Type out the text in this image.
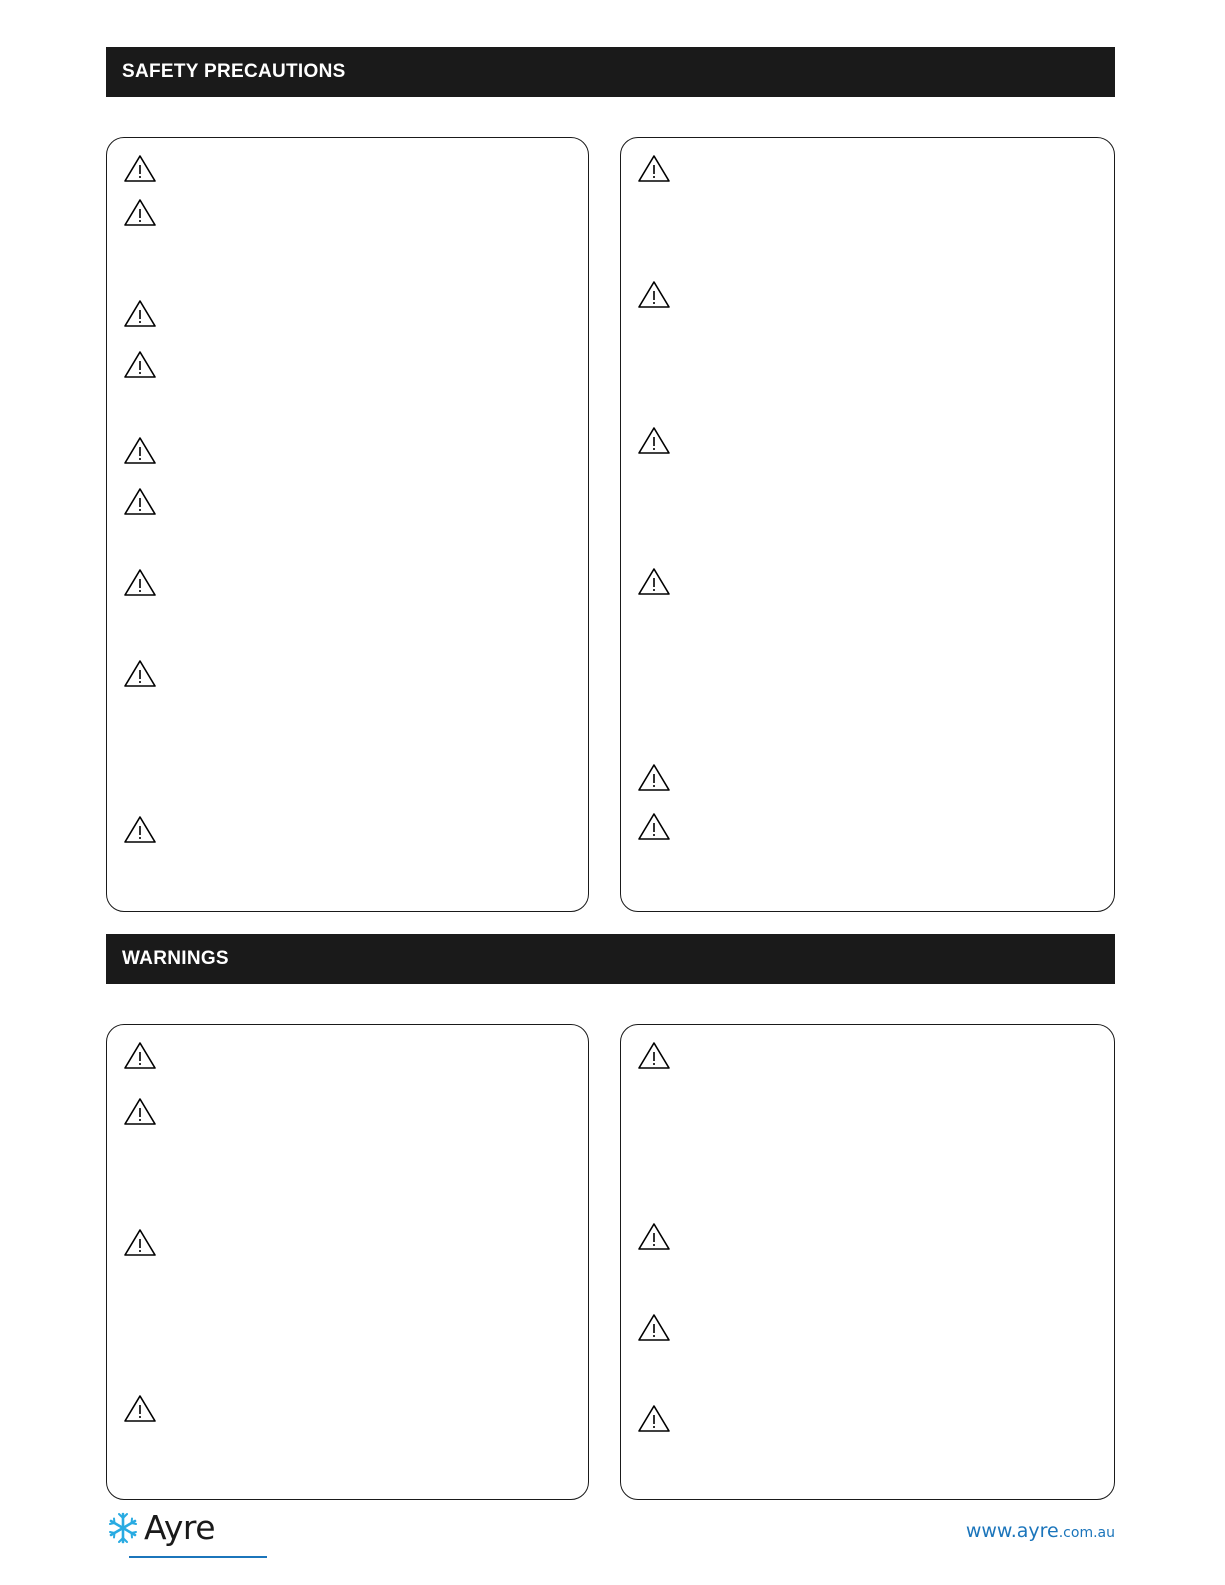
SAFETY PRECAUTIONS
WARNINGS
Ayre	www.ayre.com.au
